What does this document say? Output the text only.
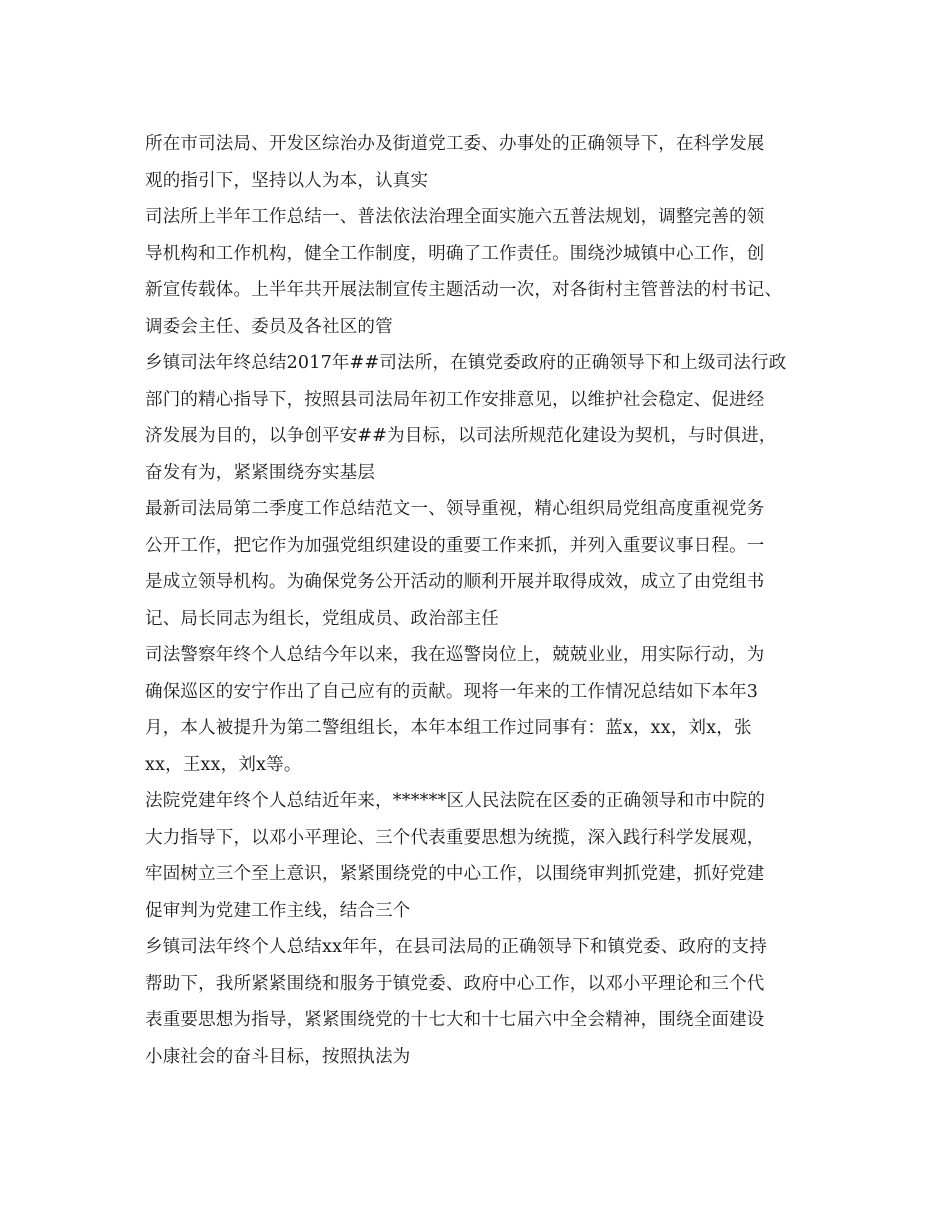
所在市司法局、开发区综治办及街道党工委、办事处的正确领导下，在科学发展
观的指引下，坚持以人为本，认真实
司法所上半年工作总结一、普法依法治理全面实施六五普法规划，调整完善的领
导机构和工作机构，健全工作制度，明确了工作责任。围绕沙城镇中心工作，创
新宣传载体。上半年共开展法制宣传主题活动一次，对各街村主管普法的村书记、
调委会主任、委员及各社区的管
乡镇司法年终总结2017年##司法所，在镇党委政府的正确领导下和上级司法行政
部门的精心指导下，按照县司法局年初工作安排意见，以维护社会稳定、促进经
济发展为目的，以争创平安##为目标，以司法所规范化建设为契机，与时俱进，
奋发有为，紧紧围绕夯实基层
最新司法局第二季度工作总结范文一、领导重视，精心组织局党组高度重视党务
公开工作，把它作为加强党组织建设的重要工作来抓，并列入重要议事日程。一
是成立领导机构。为确保党务公开活动的顺利开展并取得成效，成立了由党组书
记、局长同志为组长，党组成员、政治部主任
司法警察年终个人总结今年以来，我在巡警岗位上，兢兢业业，用实际行动，为
确保巡区的安宁作出了自己应有的贡献。现将一年来的工作情况总结如下本年3
月，本人被提升为第二警组组长，本年本组工作过同事有：蓝x，xx，刘x，张
xx，王xx，刘x等。
法院党建年终个人总结近年来，******区人民法院在区委的正确领导和市中院的
大力指导下，以邓小平理论、三个代表重要思想为统揽，深入践行科学发展观，
牢固树立三个至上意识，紧紧围绕党的中心工作，以围绕审判抓党建，抓好党建
促审判为党建工作主线，结合三个
乡镇司法年终个人总结xx年年，在县司法局的正确领导下和镇党委、政府的支持
帮助下，我所紧紧围绕和服务于镇党委、政府中心工作，以邓小平理论和三个代
表重要思想为指导，紧紧围绕党的十七大和十七届六中全会精神，围绕全面建设
小康社会的奋斗目标，按照执法为
